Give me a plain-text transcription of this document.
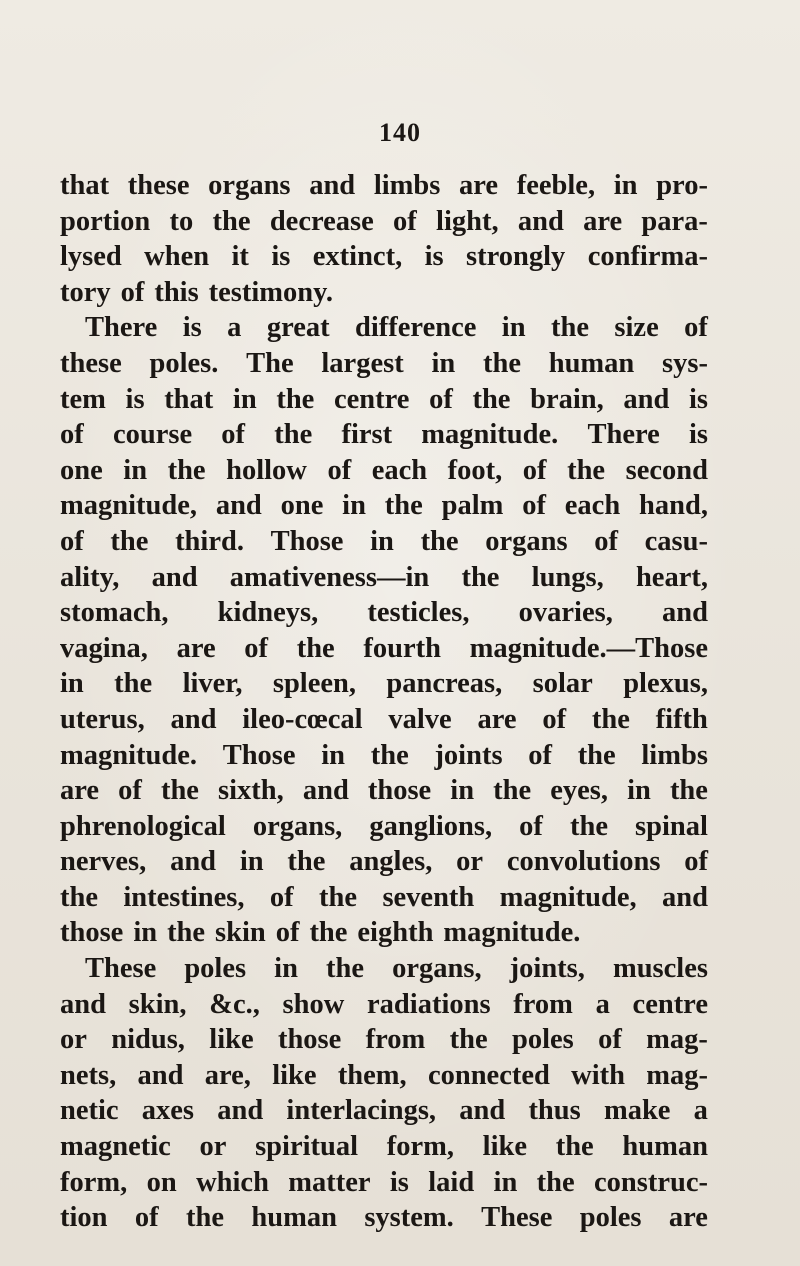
140
that these organs and limbs are feeble, in pro-
portion to the decrease of light, and are para-
lysed when it is extinct, is strongly confirma-
tory of this testimony.
There is a great difference in the size of
these poles. The largest in the human sys-
tem is that in the centre of the brain, and is
of course of the first magnitude. There is
one in the hollow of each foot, of the second
magnitude, and one in the palm of each hand,
of the third. Those in the organs of casu-
ality, and amativeness—in the lungs, heart,
stomach, kidneys, testicles, ovaries, and
vagina, are of the fourth magnitude.—Those
in the liver, spleen, pancreas, solar plexus,
uterus, and ileo-cœcal valve are of the fifth
magnitude. Those in the joints of the limbs
are of the sixth, and those in the eyes, in the
phrenological organs, ganglions, of the spinal
nerves, and in the angles, or convolutions of
the intestines, of the seventh magnitude, and
those in the skin of the eighth magnitude.
These poles in the organs, joints, muscles
and skin, &c., show radiations from a centre
or nidus, like those from the poles of mag-
nets, and are, like them, connected with mag-
netic axes and interlacings, and thus make a
magnetic or spiritual form, like the human
form, on which matter is laid in the construc-
tion of the human system. These poles are
